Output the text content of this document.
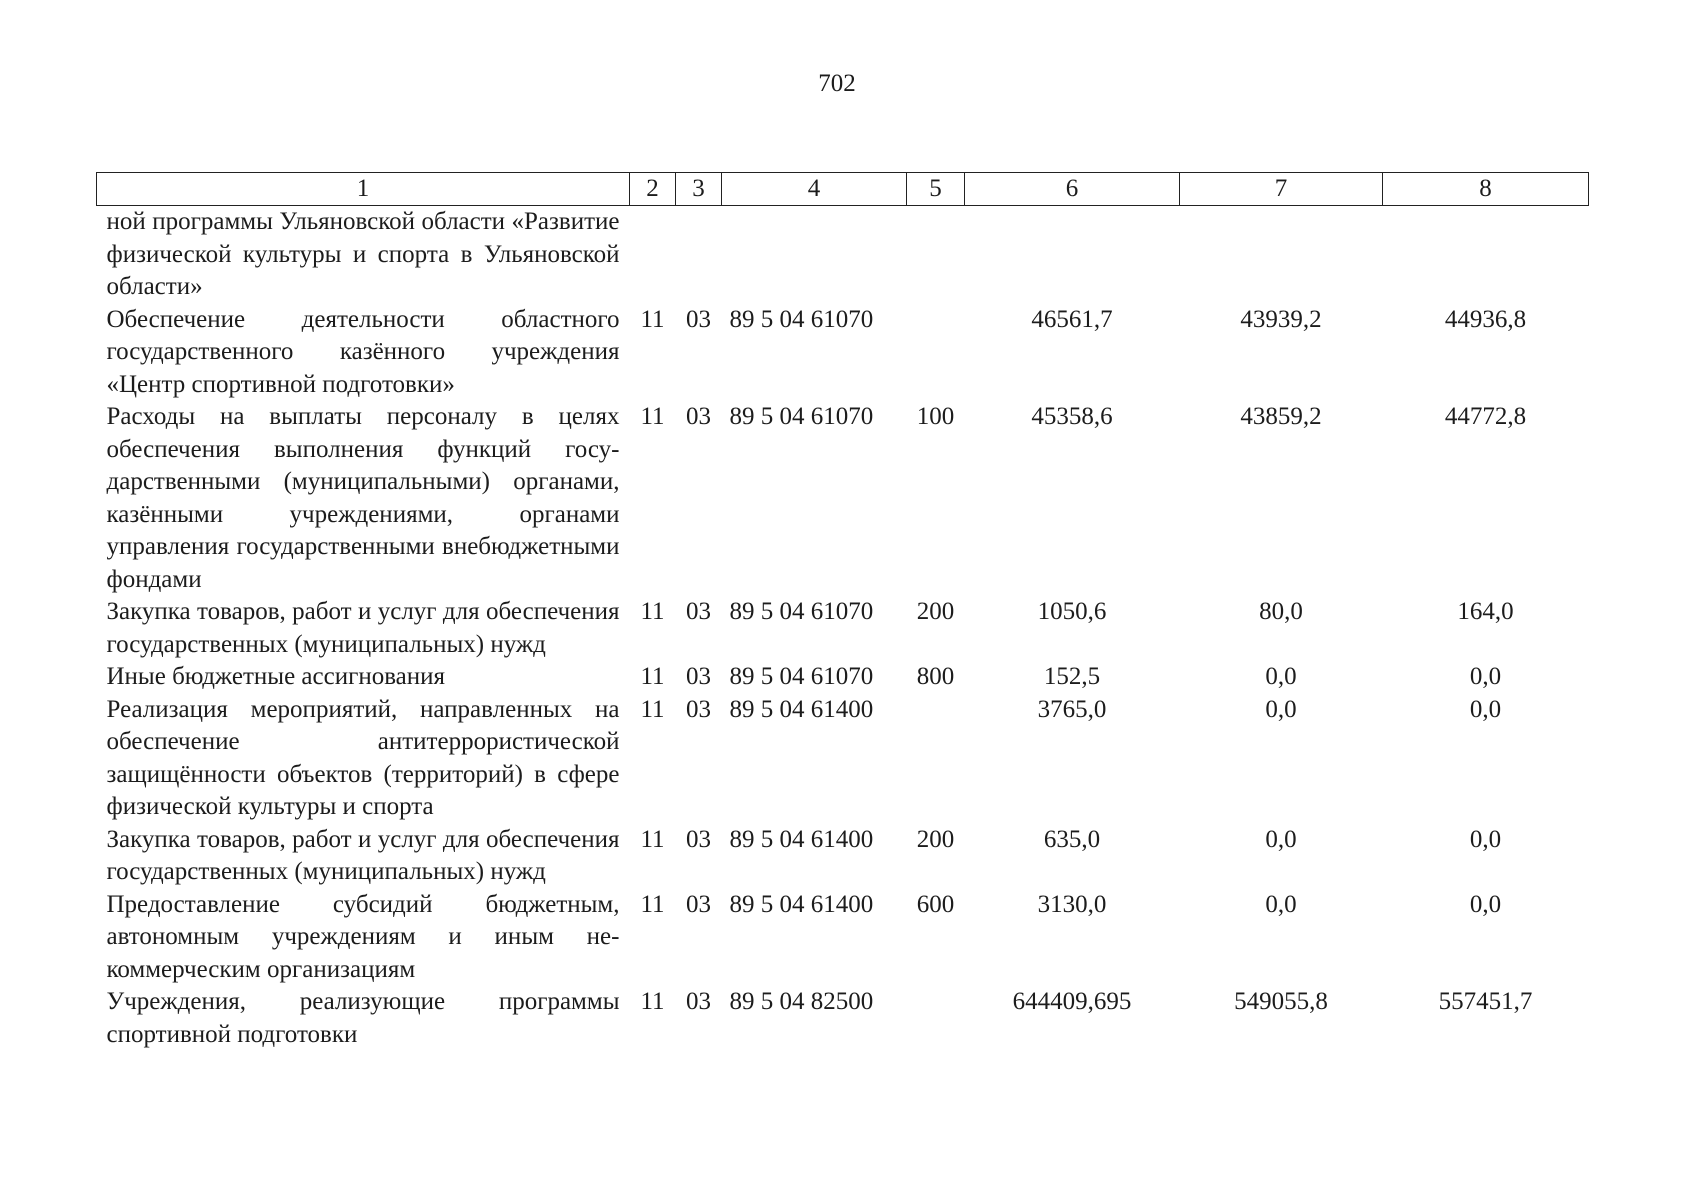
702
1	2	3	4	5	6	7	8
ной программы Ульяновской области «Развитие физической культуры и спорта в Ульяновской области»							
Обеспечение деятельности областного государственного казённого учреждения «Центр спортивной подготовки»	11	03	89 5 04 61070		46561,7	43939,2	44936,8
Расходы на выплаты персоналу в целях обеспечения выполнения функций государственными (муниципальными) органами, казёнными учреждениями, органами управления государственными внебюджетными фондами	11	03	89 5 04 61070	100	45358,6	43859,2	44772,8
Закупка товаров, работ и услуг для обеспечения государственных (муниципальных) нужд	11	03	89 5 04 61070	200	1050,6	80,0	164,0
Иные бюджетные ассигнования	11	03	89 5 04 61070	800	152,5	0,0	0,0
Реализация мероприятий, направленных на обеспечение антитеррористической защищённости объектов (территорий) в сфере физической культуры и спорта	11	03	89 5 04 61400		3765,0	0,0	0,0
Закупка товаров, работ и услуг для обеспечения государственных (муниципальных) нужд	11	03	89 5 04 61400	200	635,0	0,0	0,0
Предоставление субсидий бюджетным, автономным учреждениям и иным некоммерческим организациям	11	03	89 5 04 61400	600	3130,0	0,0	0,0
Учреждения, реализующие программы спортивной подготовки	11	03	89 5 04 82500		644409,695	549055,8	557451,7
